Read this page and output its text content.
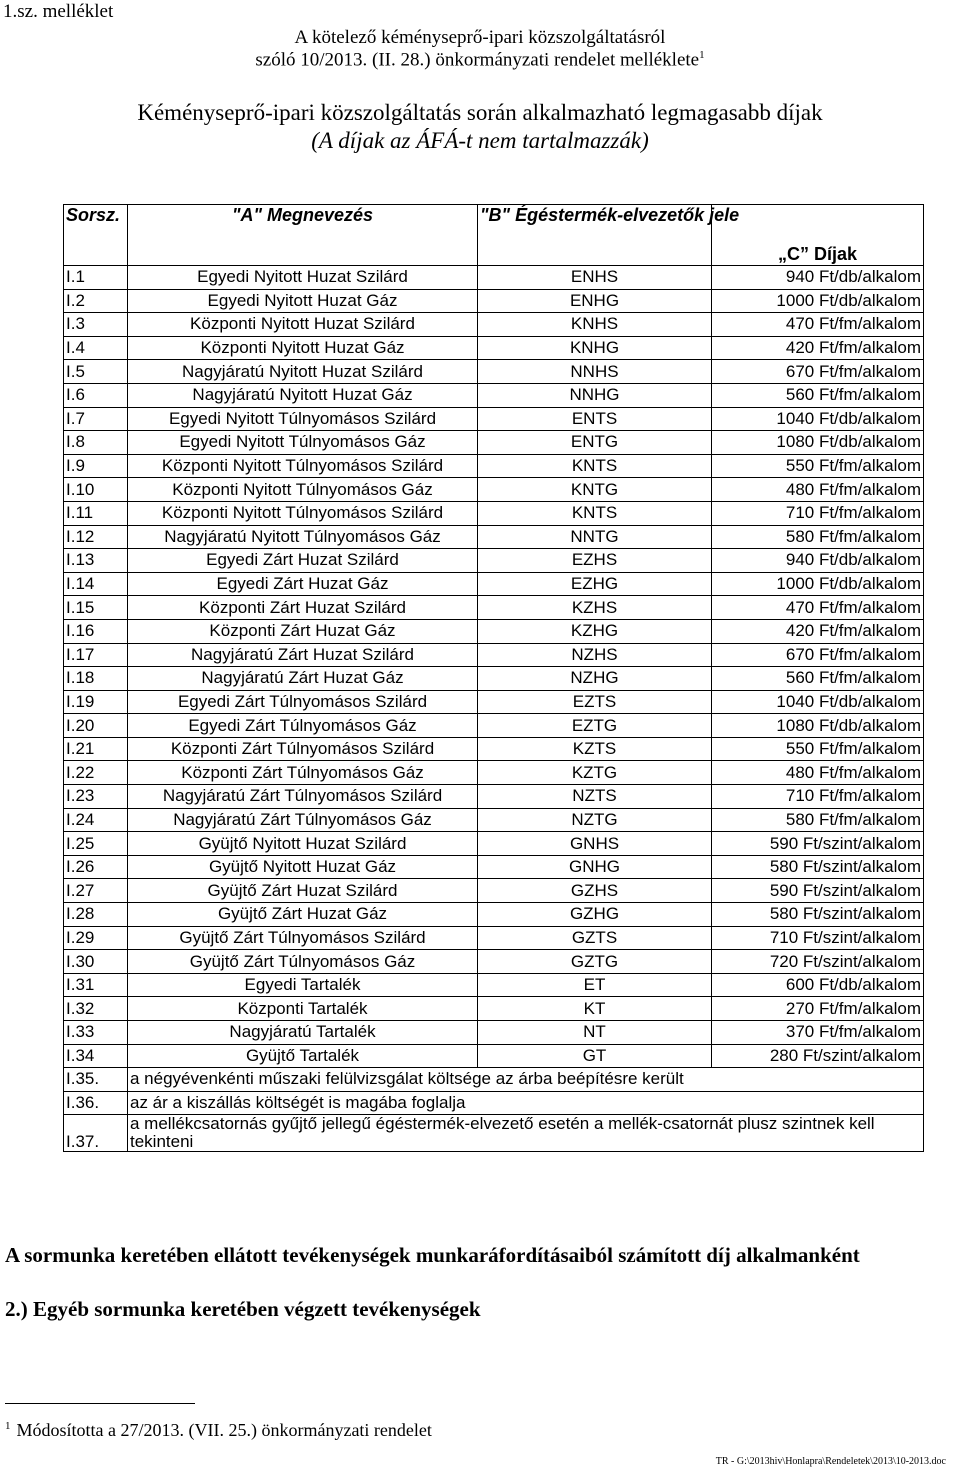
1.sz. melléklet
A kötelező kéményseprő-ipari közszolgáltatásról
szóló 10/2013. (II. 28.) önkormányzati rendelet melléklete$^1$
Kéményseprő-ipari közszolgáltatás során alkalmazható legmagasabb díjak
(A díjak az ÁFÁ-t nem tartalmazzák)
Sorsz.	"A" Megnevezés	"B" Égéstermék-elvezetők jele	„C” Díjak
I.1	Egyedi Nyitott Huzat Szilárd	ENHS	940 Ft/db/alkalom
I.2	Egyedi Nyitott Huzat Gáz	ENHG	1000 Ft/db/alkalom
I.3	Központi Nyitott Huzat Szilárd	KNHS	470 Ft/fm/alkalom
I.4	Központi Nyitott Huzat Gáz	KNHG	420 Ft/fm/alkalom
I.5	Nagyjáratú Nyitott Huzat Szilárd	NNHS	670 Ft/fm/alkalom
I.6	Nagyjáratú Nyitott Huzat Gáz	NNHG	560 Ft/fm/alkalom
I.7	Egyedi Nyitott Túlnyomásos Szilárd	ENTS	1040 Ft/db/alkalom
I.8	Egyedi Nyitott Túlnyomásos Gáz	ENTG	1080 Ft/db/alkalom
I.9	Központi Nyitott Túlnyomásos Szilárd	KNTS	550 Ft/fm/alkalom
I.10	Központi Nyitott Túlnyomásos Gáz	KNTG	480 Ft/fm/alkalom
I.11	Központi Nyitott Túlnyomásos Szilárd	KNTS	710 Ft/fm/alkalom
I.12	Nagyjáratú Nyitott Túlnyomásos Gáz	NNTG	580 Ft/fm/alkalom
I.13	Egyedi Zárt Huzat Szilárd	EZHS	940 Ft/db/alkalom
I.14	Egyedi Zárt Huzat Gáz	EZHG	1000 Ft/db/alkalom
I.15	Központi Zárt Huzat Szilárd	KZHS	470 Ft/fm/alkalom
I.16	Központi Zárt Huzat Gáz	KZHG	420 Ft/fm/alkalom
I.17	Nagyjáratú Zárt Huzat Szilárd	NZHS	670 Ft/fm/alkalom
I.18	Nagyjáratú Zárt Huzat Gáz	NZHG	560 Ft/fm/alkalom
I.19	Egyedi Zárt Túlnyomásos Szilárd	EZTS	1040 Ft/db/alkalom
I.20	Egyedi Zárt Túlnyomásos Gáz	EZTG	1080 Ft/db/alkalom
I.21	Központi Zárt Túlnyomásos Szilárd	KZTS	550 Ft/fm/alkalom
I.22	Központi Zárt Túlnyomásos Gáz	KZTG	480 Ft/fm/alkalom
I.23	Nagyjáratú Zárt Túlnyomásos Szilárd	NZTS	710 Ft/fm/alkalom
I.24	Nagyjáratú Zárt Túlnyomásos Gáz	NZTG	580 Ft/fm/alkalom
I.25	Gyüjtő Nyitott Huzat Szilárd	GNHS	590 Ft/szint/alkalom
I.26	Gyüjtő Nyitott Huzat Gáz	GNHG	580 Ft/szint/alkalom
I.27	Gyüjtő Zárt Huzat Szilárd	GZHS	590 Ft/szint/alkalom
I.28	Gyüjtő Zárt Huzat Gáz	GZHG	580 Ft/szint/alkalom
I.29	Gyüjtő Zárt Túlnyomásos Szilárd	GZTS	710 Ft/szint/alkalom
I.30	Gyüjtő Zárt Túlnyomásos Gáz	GZTG	720 Ft/szint/alkalom
I.31	Egyedi Tartalék	ET	600 Ft/db/alkalom
I.32	Központi Tartalék	KT	270 Ft/fm/alkalom
I.33	Nagyjáratú Tartalék	NT	370 Ft/fm/alkalom
I.34	Gyüjtő Tartalék	GT	280 Ft/szint/alkalom
I.35.	a négyévenkénti műszaki felülvizsgálat költsége az árba beépítésre került		
I.36.	az ár a kiszállás költségét is magába foglalja		
I.37.	a mellékcsatornás gyűjtő jellegű égéstermék-elvezető esetén a mellék-csatornát plusz szintnek kell tekinteni		
A sormunka keretében ellátott tevékenységek munkaráfordításaiból számított díj alkalmanként
2.) Egyéb sormunka keretében végzett tevékenységek
$^1$ Módosította a 27/2013. (VII. 25.) önkormányzati rendelet
TR - G:\2013hiv\Honlapra\Rendeletek\2013\10-2013.doc
